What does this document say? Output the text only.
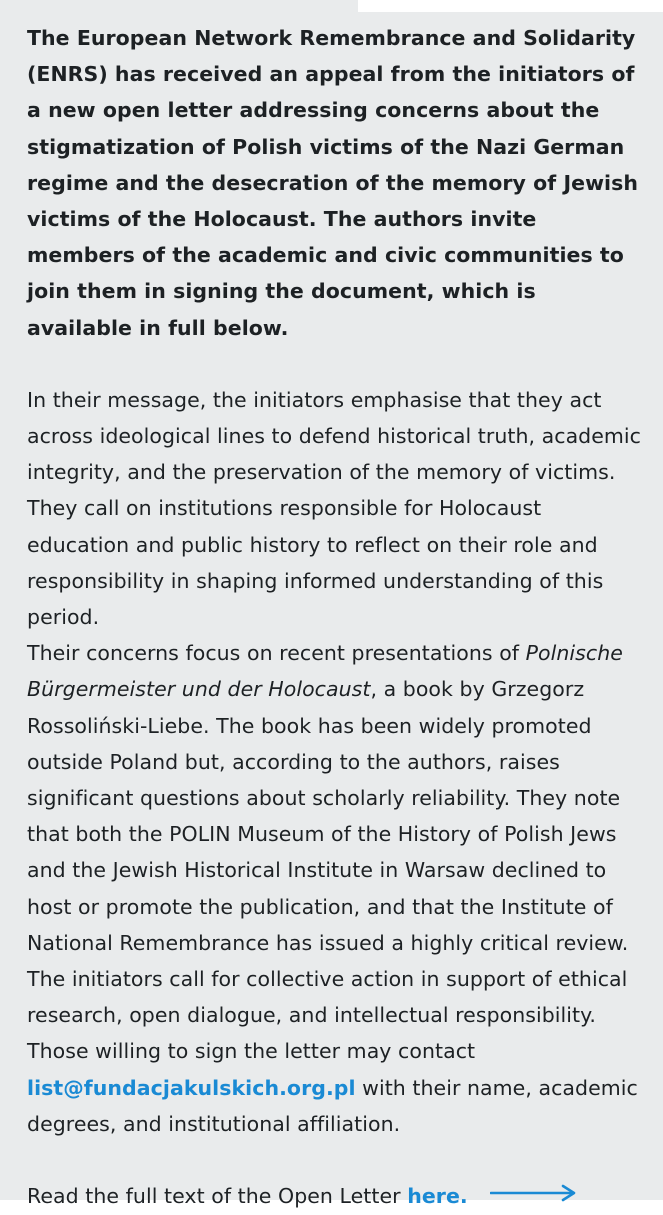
The European Network Remembrance and Solidarity (ENRS) has received an appeal from the initiators of a new open letter addressing concerns about the stigmatization of Polish victims of the Nazi German regime and the desecration of the memory of Jewish victims of the Holocaust. The authors invite members of the academic and civic communities to join them in signing the document, which is available in full below.

In their message, the initiators emphasise that they act across ideological lines to defend historical truth, academic integrity, and the preservation of the memory of victims. They call on institutions responsible for Holocaust education and public history to reflect on their role and responsibility in shaping informed understanding of this period.

Their concerns focus on recent presentations of Polnische Bürgermeister und der Holocaust, a book by Grzegorz Rossoliński-Liebe. The book has been widely promoted outside Poland but, according to the authors, raises significant questions about scholarly reliability. They note that both the POLIN Museum of the History of Polish Jews and the Jewish Historical Institute in Warsaw declined to host or promote the publication, and that the Institute of National Remembrance has issued a highly critical review. The initiators call for collective action in support of ethical research, open dialogue, and intellectual responsibility. Those willing to sign the letter may contact list@fundacjakulskich.org.pl with their name, academic degrees, and institutional affiliation.

Read the full text of the Open Letter here.
